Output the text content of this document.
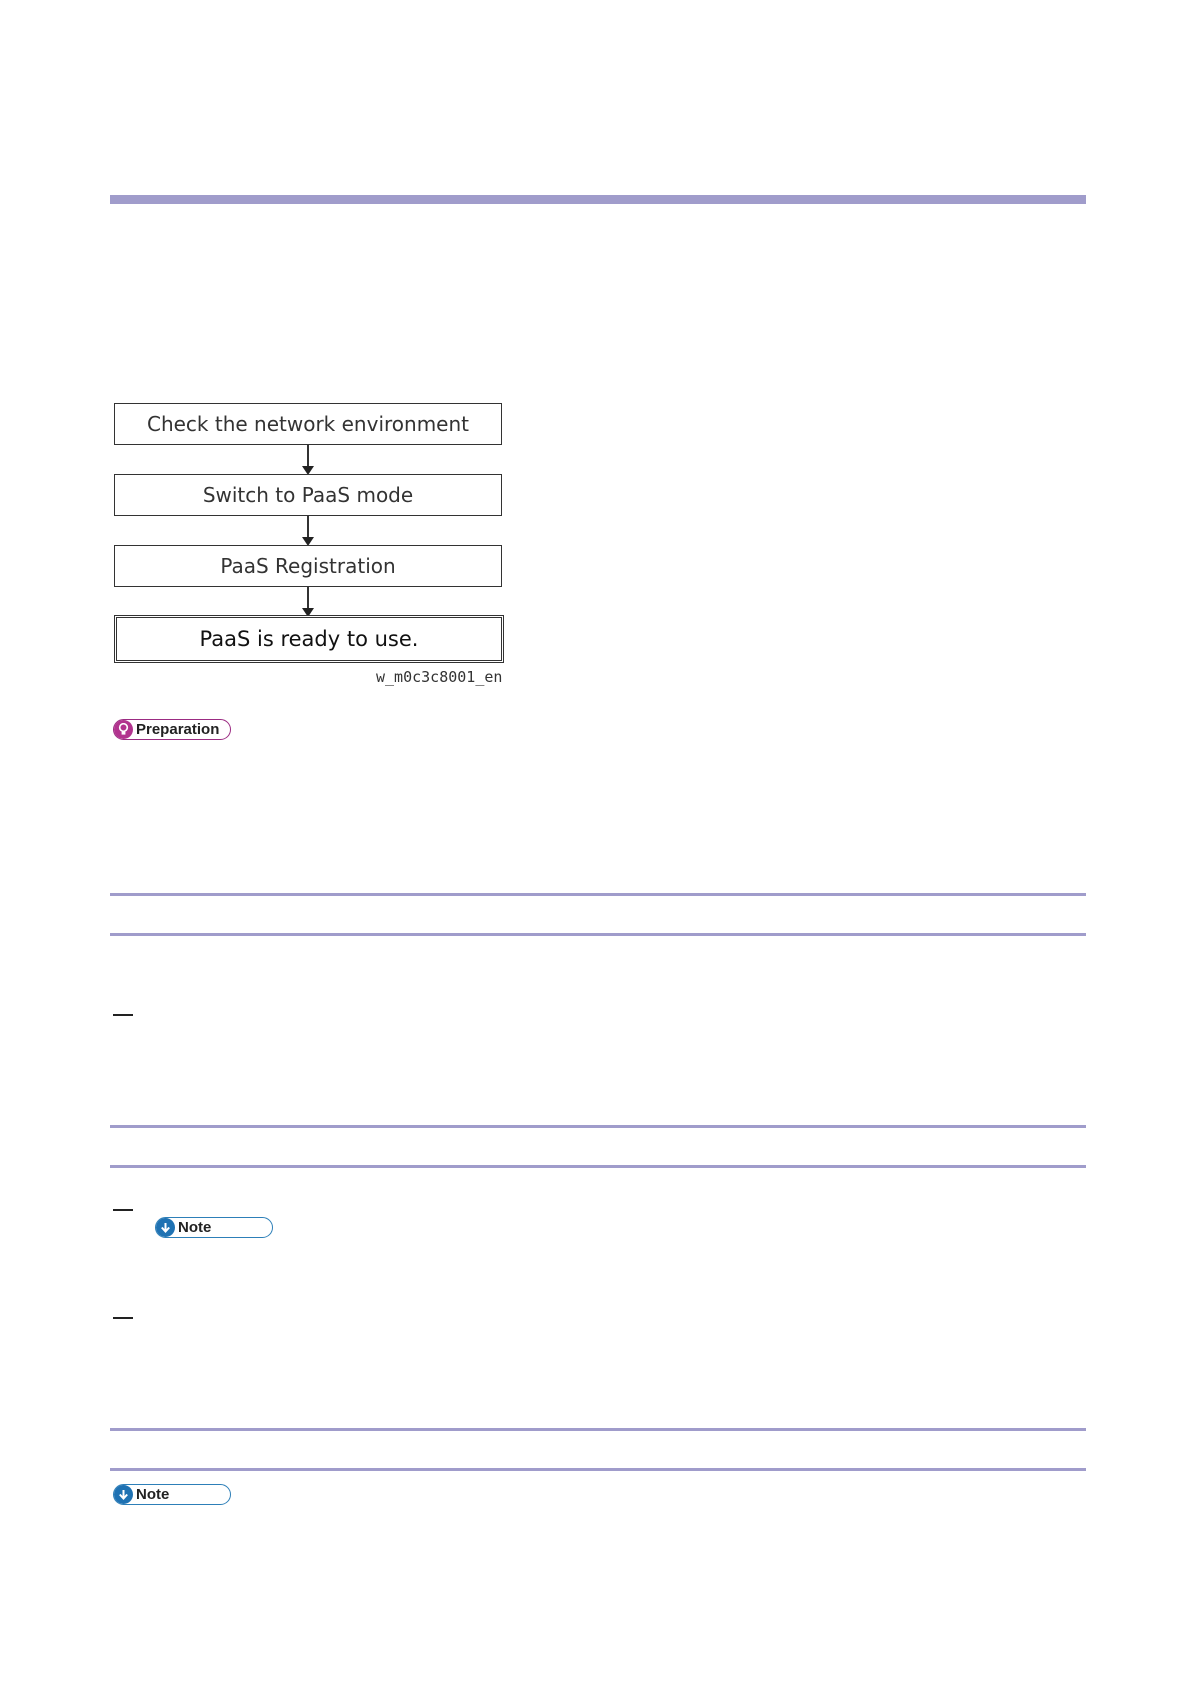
Check the network environment
Switch to PaaS mode
PaaS Registration
PaaS is ready to use.
w_m0c3c8001_en
Preparation
Note
Note
